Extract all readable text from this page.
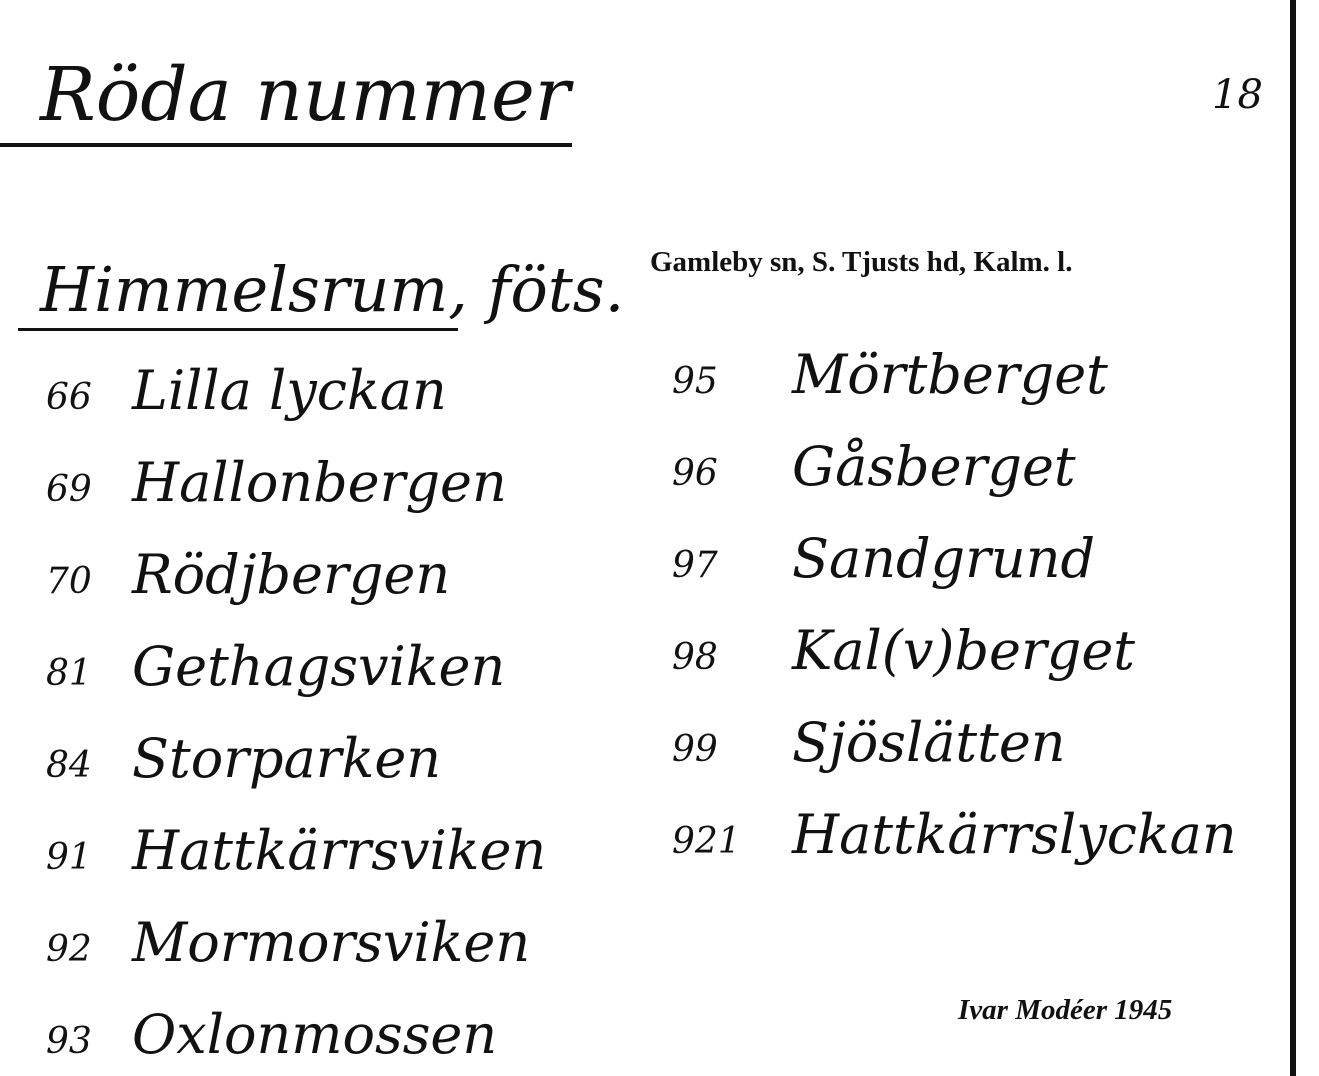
Röda nummer	18
Himmelsrum, föts. Gamleby sn, S. Tjusts hd, Kalm. l.
66 Lilla lyckan
69 Hallonbergen
70 Rödjbergen
81 Gethagsviken
84 Storparken
91 Hattkärrsviken
92 Mormorsviken
93 Oxlonmossen
95	Mörtberget
96	Gåsberget
97	Sandgrund
98	Kal(v)berget
99	Sjöslätten
921 Hattkärrslyckan
Ivar Modéer 1945
